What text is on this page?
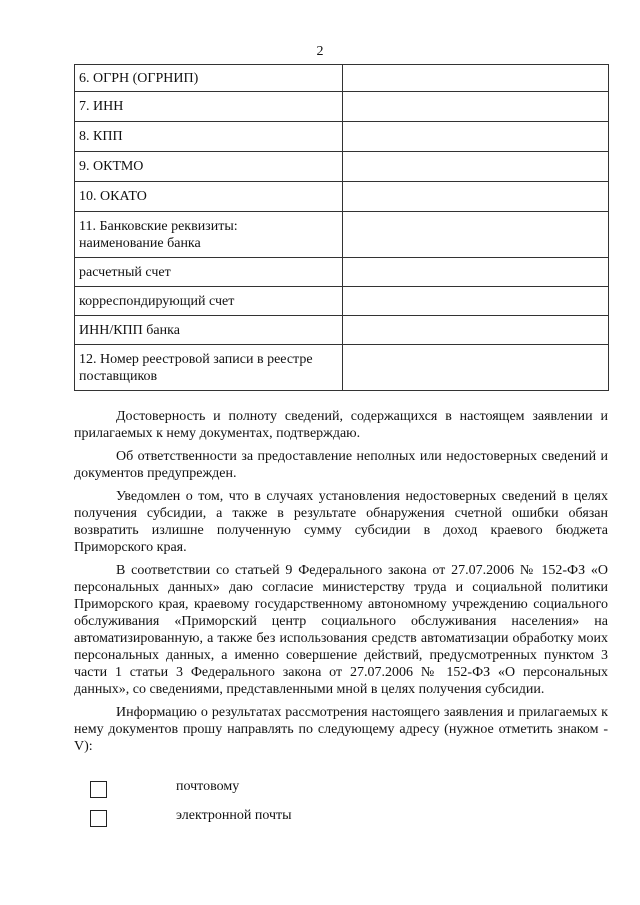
2
6. ОГРН (ОГРНИП)	
7. ИНН	
8. КПП	
9. ОКТМО	
10. ОКАТО	
11. Банковские реквизиты:
наименование банка	
расчетный счет	
корреспондирующий счет	
ИНН/КПП банка	
12. Номер реестровой записи в реестре поставщиков	

Достоверность и полноту сведений, содержащихся в настоящем заявлении и прилагаемых к нему документах, подтверждаю.

Об ответственности за предоставление неполных или недостоверных сведений и документов предупрежден.

Уведомлен о том, что в случаях установления недостоверных сведений в целях получения субсидии, а также в результате обнаружения счетной ошибки обязан возвратить излишне полученную сумму субсидии в доход краевого бюджета Приморского края.

В соответствии со статьей 9 Федерального закона от 27.07.2006 № 152-ФЗ «О персональных данных» даю согласие министерству труда и социальной политики Приморского края, краевому государственному автономному учреждению социального обслуживания «Приморский центр социального обслуживания населения» на автоматизированную, а также без использования средств автоматизации обработку моих персональных данных, а именно совершение действий, предусмотренных пунктом 3 части 1 статьи 3 Федерального закона от 27.07.2006 № 152-ФЗ «О персональных данных», со сведениями, представленными мной в целях получения субсидии.

Информацию о результатах рассмотрения настоящего заявления и прилагаемых к нему документов прошу направлять по следующему адресу (нужное отметить знаком - V):

почтовому
электронной почты
